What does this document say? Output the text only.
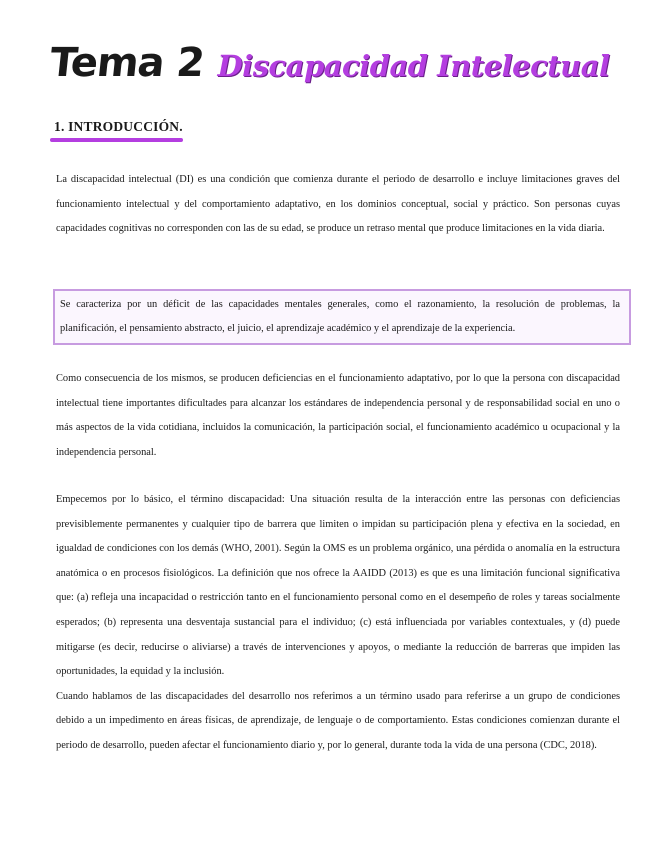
Tema 2 Discapacidad Intelectual
1. INTRODUCCIÓN.

La discapacidad intelectual (DI) es una condición que comienza durante el periodo de desarrollo e incluye limitaciones graves del funcionamiento intelectual y del comportamiento adaptativo, en los dominios conceptual, social y práctico. Son personas cuyas capacidades cognitivas no corresponden con las de su edad, se produce un retraso mental que produce limitaciones en la vida diaria.

Se caracteriza por un déficit de las capacidades mentales generales, como el razonamiento, la resolución de problemas, la planificación, el pensamiento abstracto, el juicio, el aprendizaje académico y el aprendizaje de la experiencia.

Como consecuencia de los mismos, se producen deficiencias en el funcionamiento adaptativo, por lo que la persona con discapacidad intelectual tiene importantes dificultades para alcanzar los estándares de independencia personal y de responsabilidad social en uno o más aspectos de la vida cotidiana, incluidos la comunicación, la participación social, el funcionamiento académico u ocupacional y la independencia personal.

Empecemos por lo básico, el término discapacidad: Una situación resulta de la interacción entre las personas con deficiencias previsiblemente permanentes y cualquier tipo de barrera que limiten o impidan su participación plena y efectiva en la sociedad, en igualdad de condiciones con los demás (WHO, 2001). Según la OMS es un problema orgánico, una pérdida o anomalía en la estructura anatómica o en procesos fisiológicos. La definición que nos ofrece la AAIDD (2013) es que es una limitación funcional significativa que: (a) refleja una incapacidad o restricción tanto en el funcionamiento personal como en el desempeño de roles y tareas socialmente esperados; (b) representa una desventaja sustancial para el individuo; (c) está influenciada por variables contextuales, y (d) puede mitigarse (es decir, reducirse o aliviarse) a través de intervenciones y apoyos, o mediante la reducción de barreras que impiden las oportunidades, la equidad y la inclusión.

Cuando hablamos de las discapacidades del desarrollo nos referimos a un término usado para referirse a un grupo de condiciones debido a un impedimento en áreas físicas, de aprendizaje, de lenguaje o de comportamiento. Estas condiciones comienzan durante el periodo de desarrollo, pueden afectar el funcionamiento diario y, por lo general, durante toda la vida de una persona (CDC, 2018).
